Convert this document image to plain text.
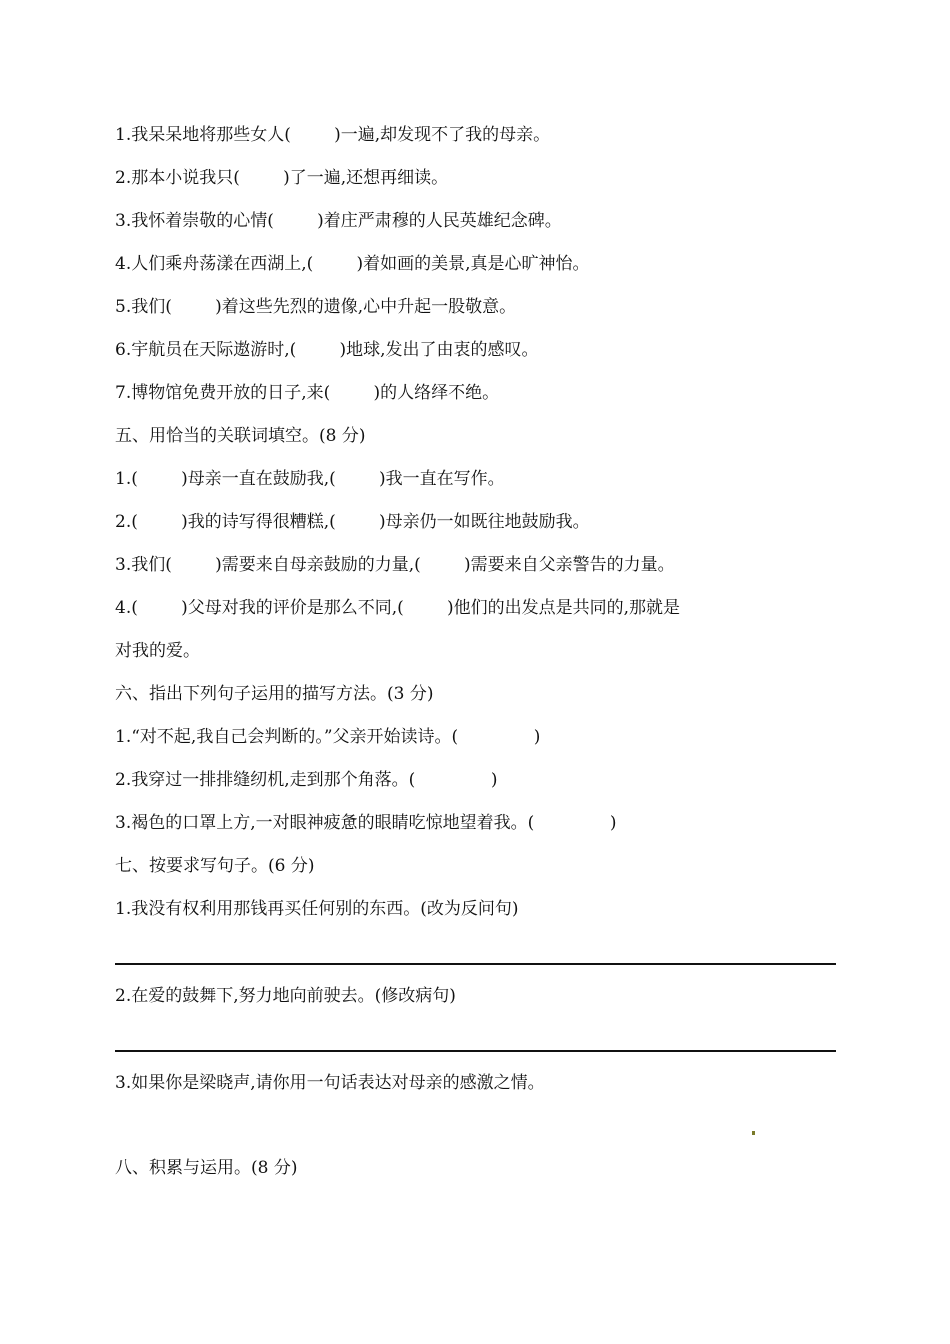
1.我呆呆地将那些女人(        )一遍,却发现不了我的母亲。
2.那本小说我只(        )了一遍,还想再细读。
3.我怀着崇敬的心情(        )着庄严肃穆的人民英雄纪念碑。
4.人们乘舟荡漾在西湖上,(        )着如画的美景,真是心旷神怡。
5.我们(        )着这些先烈的遗像,心中升起一股敬意。
6.宇航员在天际遨游时,(        )地球,发出了由衷的感叹。
7.博物馆免费开放的日子,来(        )的人络绎不绝。
五、用恰当的关联词填空。(8 分)
1.(        )母亲一直在鼓励我,(        )我一直在写作。
2.(        )我的诗写得很糟糕,(        )母亲仍一如既往地鼓励我。
3.我们(        )需要来自母亲鼓励的力量,(        )需要来自父亲警告的力量。
4.(        )父母对我的评价是那么不同,(        )他们的出发点是共同的,那就是
对我的爱。
六、指出下列句子运用的描写方法。(3 分)
1.“对不起,我自己会判断的。”父亲开始读诗。(              )
2.我穿过一排排缝纫机,走到那个角落。(              )
3.褐色的口罩上方,一对眼神疲惫的眼睛吃惊地望着我。(              )
七、按要求写句子。(6 分)
1.我没有权利用那钱再买任何别的东西。(改为反问句)
2.在爱的鼓舞下,努力地向前驶去。(修改病句)
3.如果你是梁晓声,请你用一句话表达对母亲的感激之情。
八、积累与运用。(8 分)
